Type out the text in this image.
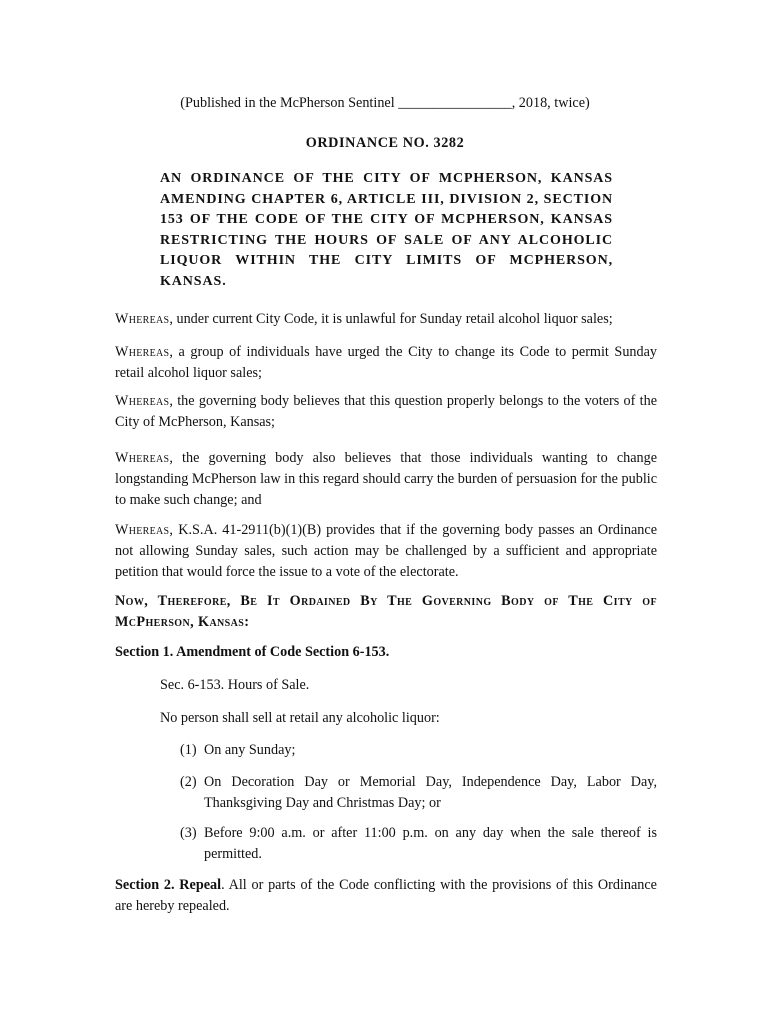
(Published in the McPherson Sentinel ________________, 2018, twice)
ORDINANCE NO. 3282
AN ORDINANCE OF THE CITY OF MCPHERSON, KANSAS AMENDING CHAPTER 6, ARTICLE III, DIVISION 2, SECTION 153 OF THE CODE OF THE CITY OF MCPHERSON, KANSAS RESTRICTING THE HOURS OF SALE OF ANY ALCOHOLIC LIQUOR WITHIN THE CITY LIMITS OF MCPHERSON, KANSAS.
Whereas, under current City Code, it is unlawful for Sunday retail alcohol liquor sales;
Whereas, a group of individuals have urged the City to change its Code to permit Sunday retail alcohol liquor sales;
Whereas, the governing body believes that this question properly belongs to the voters of the City of McPherson, Kansas;
Whereas, the governing body also believes that those individuals wanting to change longstanding McPherson law in this regard should carry the burden of persuasion for the public to make such change; and
Whereas, K.S.A. 41-2911(b)(1)(B) provides that if the governing body passes an Ordinance not allowing Sunday sales, such action may be challenged by a sufficient and appropriate petition that would force the issue to a vote of the electorate.
Now, Therefore, Be It Ordained By The Governing Body of The City of McPherson, Kansas:
Section 1. Amendment of Code Section 6-153.
Sec. 6-153. Hours of Sale.
No person shall sell at retail any alcoholic liquor:
(1) On any Sunday;
(2) On Decoration Day or Memorial Day, Independence Day, Labor Day, Thanksgiving Day and Christmas Day; or
(3) Before 9:00 a.m. or after 11:00 p.m. on any day when the sale thereof is permitted.
Section 2. Repeal. All or parts of the Code conflicting with the provisions of this Ordinance are hereby repealed.
